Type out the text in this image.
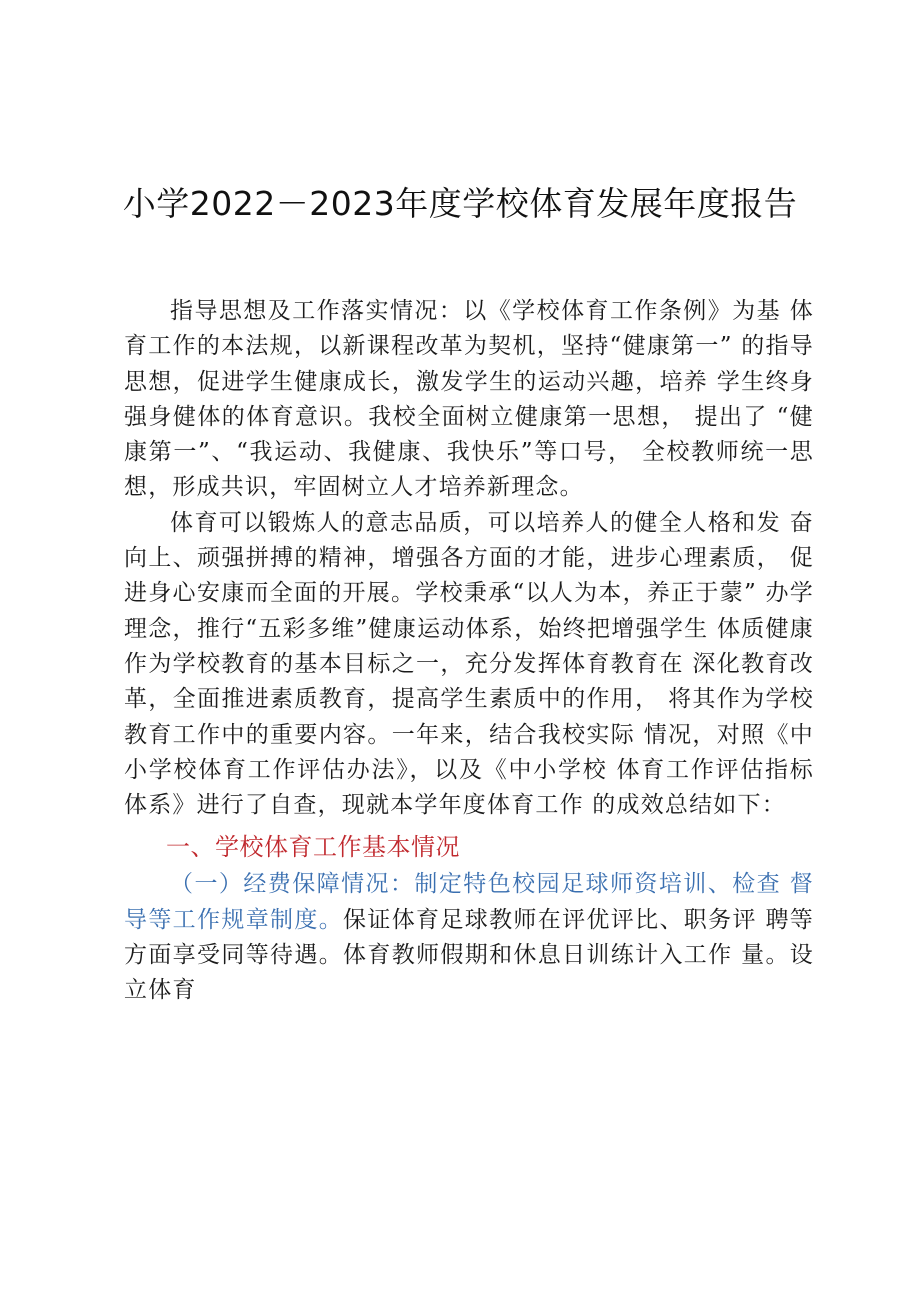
小学2022－2023年度学校体育发展年度报告

指导思想及工作落实情况：以《学校体育工作条例》为基 体育工作的本法规，以新课程改革为契机，坚持“健康第一” 的指导思想，促进学生健康成长，激发学生的运动兴趣，培养 学生终身强身健体的体育意识。我校全面树立健康第一思想， 提出了 “健康第一”、“我运动、我健康、我快乐”等口号， 全校教师统一思想，形成共识，牢固树立人才培养新理念。

体育可以锻炼人的意志品质，可以培养人的健全人格和发 奋向上、顽强拼搏的精神，增强各方面的才能，进步心理素质， 促进身心安康而全面的开展。学校秉承“以人为本，养正于蒙” 办学理念，推行“五彩多维”健康运动体系，始终把增强学生 体质健康作为学校教育的基本目标之一，充分发挥体育教育在 深化教育改革，全面推进素质教育，提高学生素质中的作用， 将其作为学校教育工作中的重要内容。一年来，结合我校实际 情况，对照《中小学校体育工作评估办法》，以及《中小学校 体育工作评估指标体系》进行了自查，现就本学年度体育工作 的成效总结如下：

一、学校体育工作基本情况

（一）经费保障情况：制定特色校园足球师资培训、检查 督导等工作规章制度。保证体育足球教师在评优评比、职务评 聘等方面享受同等待遇。体育教师假期和休息日训练计入工作 量。设立体育
